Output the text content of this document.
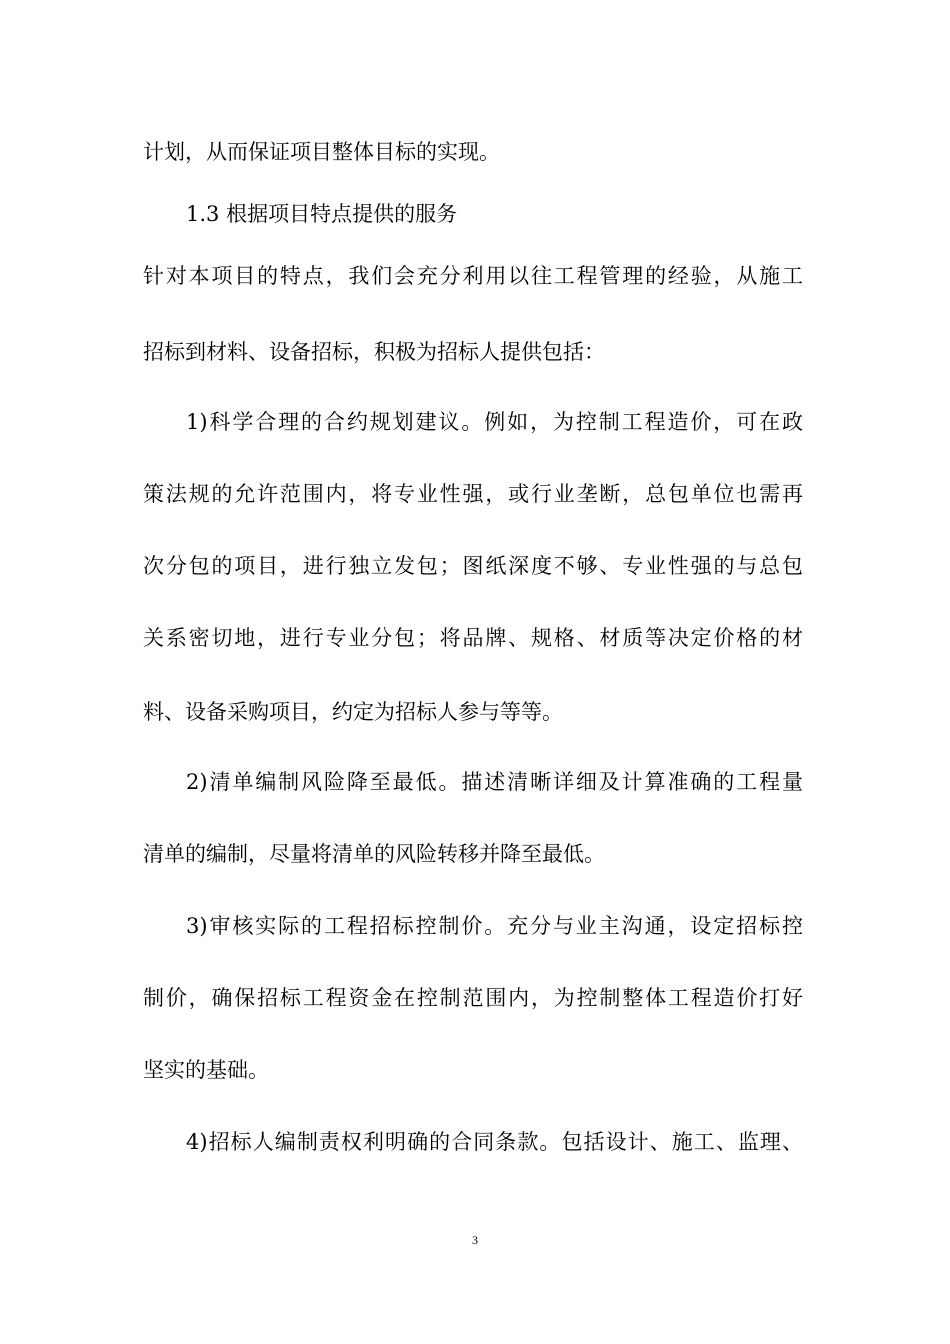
计划，从而保证项目整体目标的实现。
1.3 根据项目特点提供的服务
针对本项目的特点，我们会充分利用以往工程管理的经验，从施工
招标到材料、设备招标，积极为招标人提供包括：
1)科学合理的合约规划建议。例如，为控制工程造价，可在政
策法规的允许范围内，将专业性强，或行业垄断，总包单位也需再
次分包的项目，进行独立发包；图纸深度不够、专业性强的与总包
关系密切地，进行专业分包；将品牌、规格、材质等决定价格的材
料、设备采购项目，约定为招标人参与等等。
2)清单编制风险降至最低。描述清晰详细及计算准确的工程量
清单的编制，尽量将清单的风险转移并降至最低。
3)审核实际的工程招标控制价。充分与业主沟通，设定招标控
制价，确保招标工程资金在控制范围内，为控制整体工程造价打好
坚实的基础。
4)招标人编制责权利明确的合同条款。包括设计、施工、监理、
3
